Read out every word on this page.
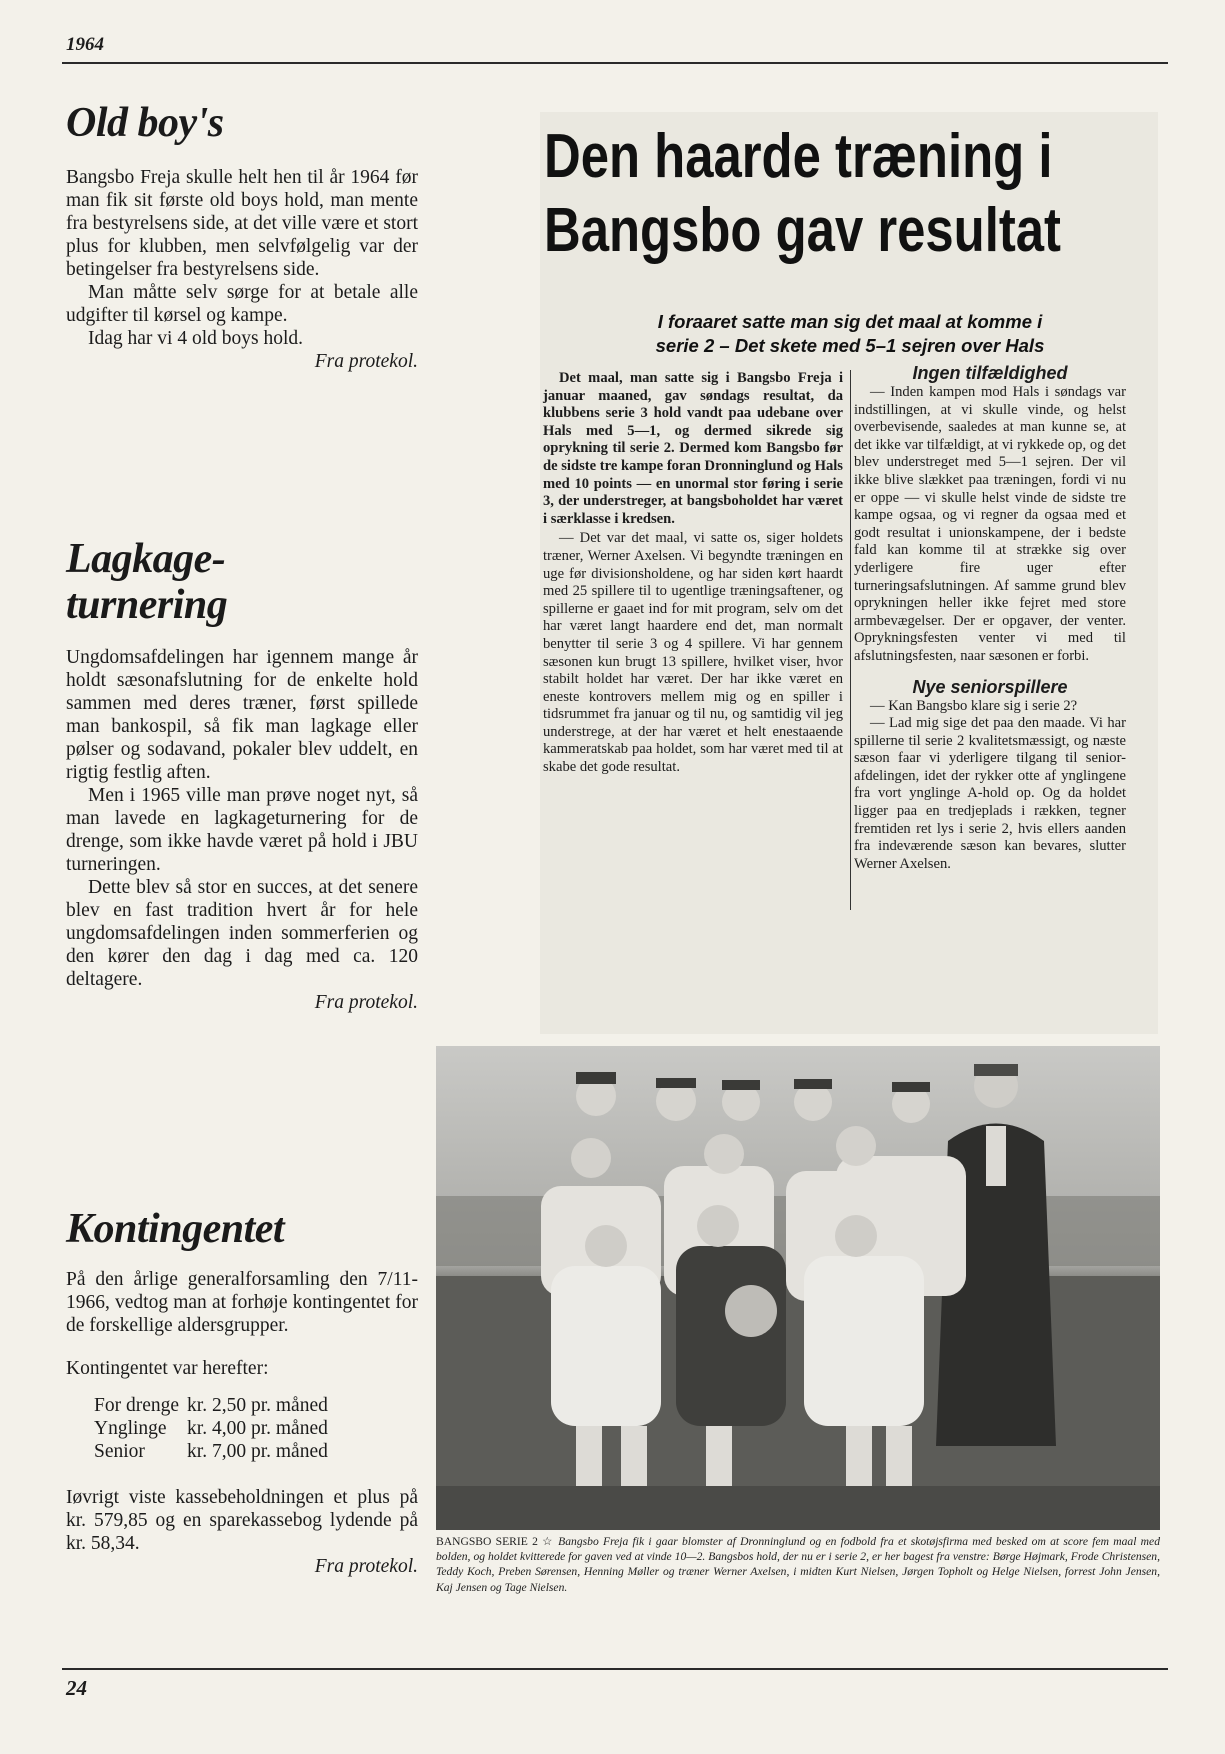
1964
Old boy's

Bangsbo Freja skulle helt hen til år 1964 før man fik sit første old boys hold, man mente fra bestyrelsens side, at det ville være et stort plus for klubben, men selvfølgelig var der betingelser fra bestyrelsens side.

Man måtte selv sørge for at betale alle udgifter til kørsel og kampe.

Idag har vi 4 old boys hold.

Fra protekol.

Lagkage-
turnering

Ungdomsafdelingen har igennem mange år holdt sæsonafslutning for de enkelte hold sammen med deres træner, først spillede man bankospil, så fik man lagkage eller pølser og sodavand, pokaler blev uddelt, en rigtig festlig aften.

Men i 1965 ville man prøve noget nyt, så man lavede en lagkageturnering for de drenge, som ikke havde været på hold i JBU turneringen.

Dette blev så stor en succes, at det senere blev en fast tradition hvert år for hele ungdomsafdelingen inden sommerferien og den kører den dag i dag med ca. 120 deltagere.

Fra protekol.

Kontingentet

På den årlige generalforsamling den 7/11-1966, vedtog man at forhøje kontingentet for de forskellige aldersgrupper.

Kontingentet var herefter:

For drenge	kr. 2,50 pr. måned
Ynglinge	kr. 4,00 pr. måned
Senior	kr. 7,00 pr. måned

Iøvrigt viste kassebeholdningen et plus på kr. 579,85 og en sparekassebog lydende på kr. 58,34.

Fra protekol.

Den haarde træning i
Bangsbo gav resultat
I foraaret satte man sig det maal at komme i
serie 2 – Det skete med 5–1 sejren over Hals

Det maal, man satte sig i Bangsbo Freja i januar maaned, gav søndags resultat, da klubbens serie 3 hold vandt paa udebane over Hals med 5—1, og dermed sikrede sig oprykning til serie 2. Dermed kom Bangsbo før de sidste tre kampe foran Dronninglund og Hals med 10 points — en unormal stor føring i serie 3, der understreger, at bangsboholdet har været i særklasse i kredsen.

— Det var det maal, vi satte os, siger holdets træner, Werner Axelsen. Vi begyndte træningen en uge før divisionsholdene, og har siden kørt haardt med 25 spillere til to ugentlige træningsaftener, og spillerne er gaaet ind for mit program, selv om det har været langt haardere end det, man normalt benytter til serie 3 og 4 spillere. Vi har gennem sæsonen kun brugt 13 spillere, hvilket viser, hvor stabilt holdet har været. Der har ikke været en eneste kontrovers mellem mig og en spiller i tidsrummet fra januar og til nu, og samtidig vil jeg understrege, at der har været et helt enestaaende kammeratskab paa holdet, som har været med til at skabe det gode resultat.

Ingen tilfældighed

— Inden kampen mod Hals i søndags var indstillingen, at vi skulle vinde, og helst overbevisende, saaledes at man kunne se, at det ikke var tilfældigt, at vi rykkede op, og det blev understreget med 5—1 sejren. Der vil ikke blive slækket paa træningen, fordi vi nu er oppe — vi skulle helst vinde de sidste tre kampe ogsaa, og vi regner da ogsaa med et godt resultat i unionskampene, der i bedste fald kan komme til at strække sig over yderligere fire uger efter turneringsafslutningen. Af samme grund blev oprykningen heller ikke fejret med store armbevægelser. Der er opgaver, der venter. Oprykningsfesten venter vi med til afslutningsfesten, naar sæsonen er forbi.

Nye seniorspillere

— Kan Bangsbo klare sig i serie 2?

— Lad mig sige det paa den maade. Vi har spillerne til serie 2 kvalitetsmæssigt, og næste sæson faar vi yderligere tilgang til senior-afdelingen, idet der rykker otte af ynglingene fra vort ynglinge A-hold op. Og da holdet ligger paa en tredjeplads i rækken, tegner fremtiden ret lys i serie 2, hvis ellers aanden fra indeværende sæson kan bevares, slutter Werner Axelsen.

BANGSBO SERIE 2 ☆ Bangsbo Freja fik i gaar blomster af Dronninglund og en fodbold fra et skotøjsfirma med besked om at score fem maal med bolden, og holdet kvitterede for gaven ved at vinde 10—2. Bangsbos hold, der nu er i serie 2, er her bagest fra venstre: Børge Højmark, Frode Christensen, Teddy Koch, Preben Sørensen, Henning Møller og træner Werner Axelsen, i midten Kurt Nielsen, Jørgen Topholt og Helge Nielsen, forrest John Jensen, Kaj Jensen og Tage Nielsen.
24
